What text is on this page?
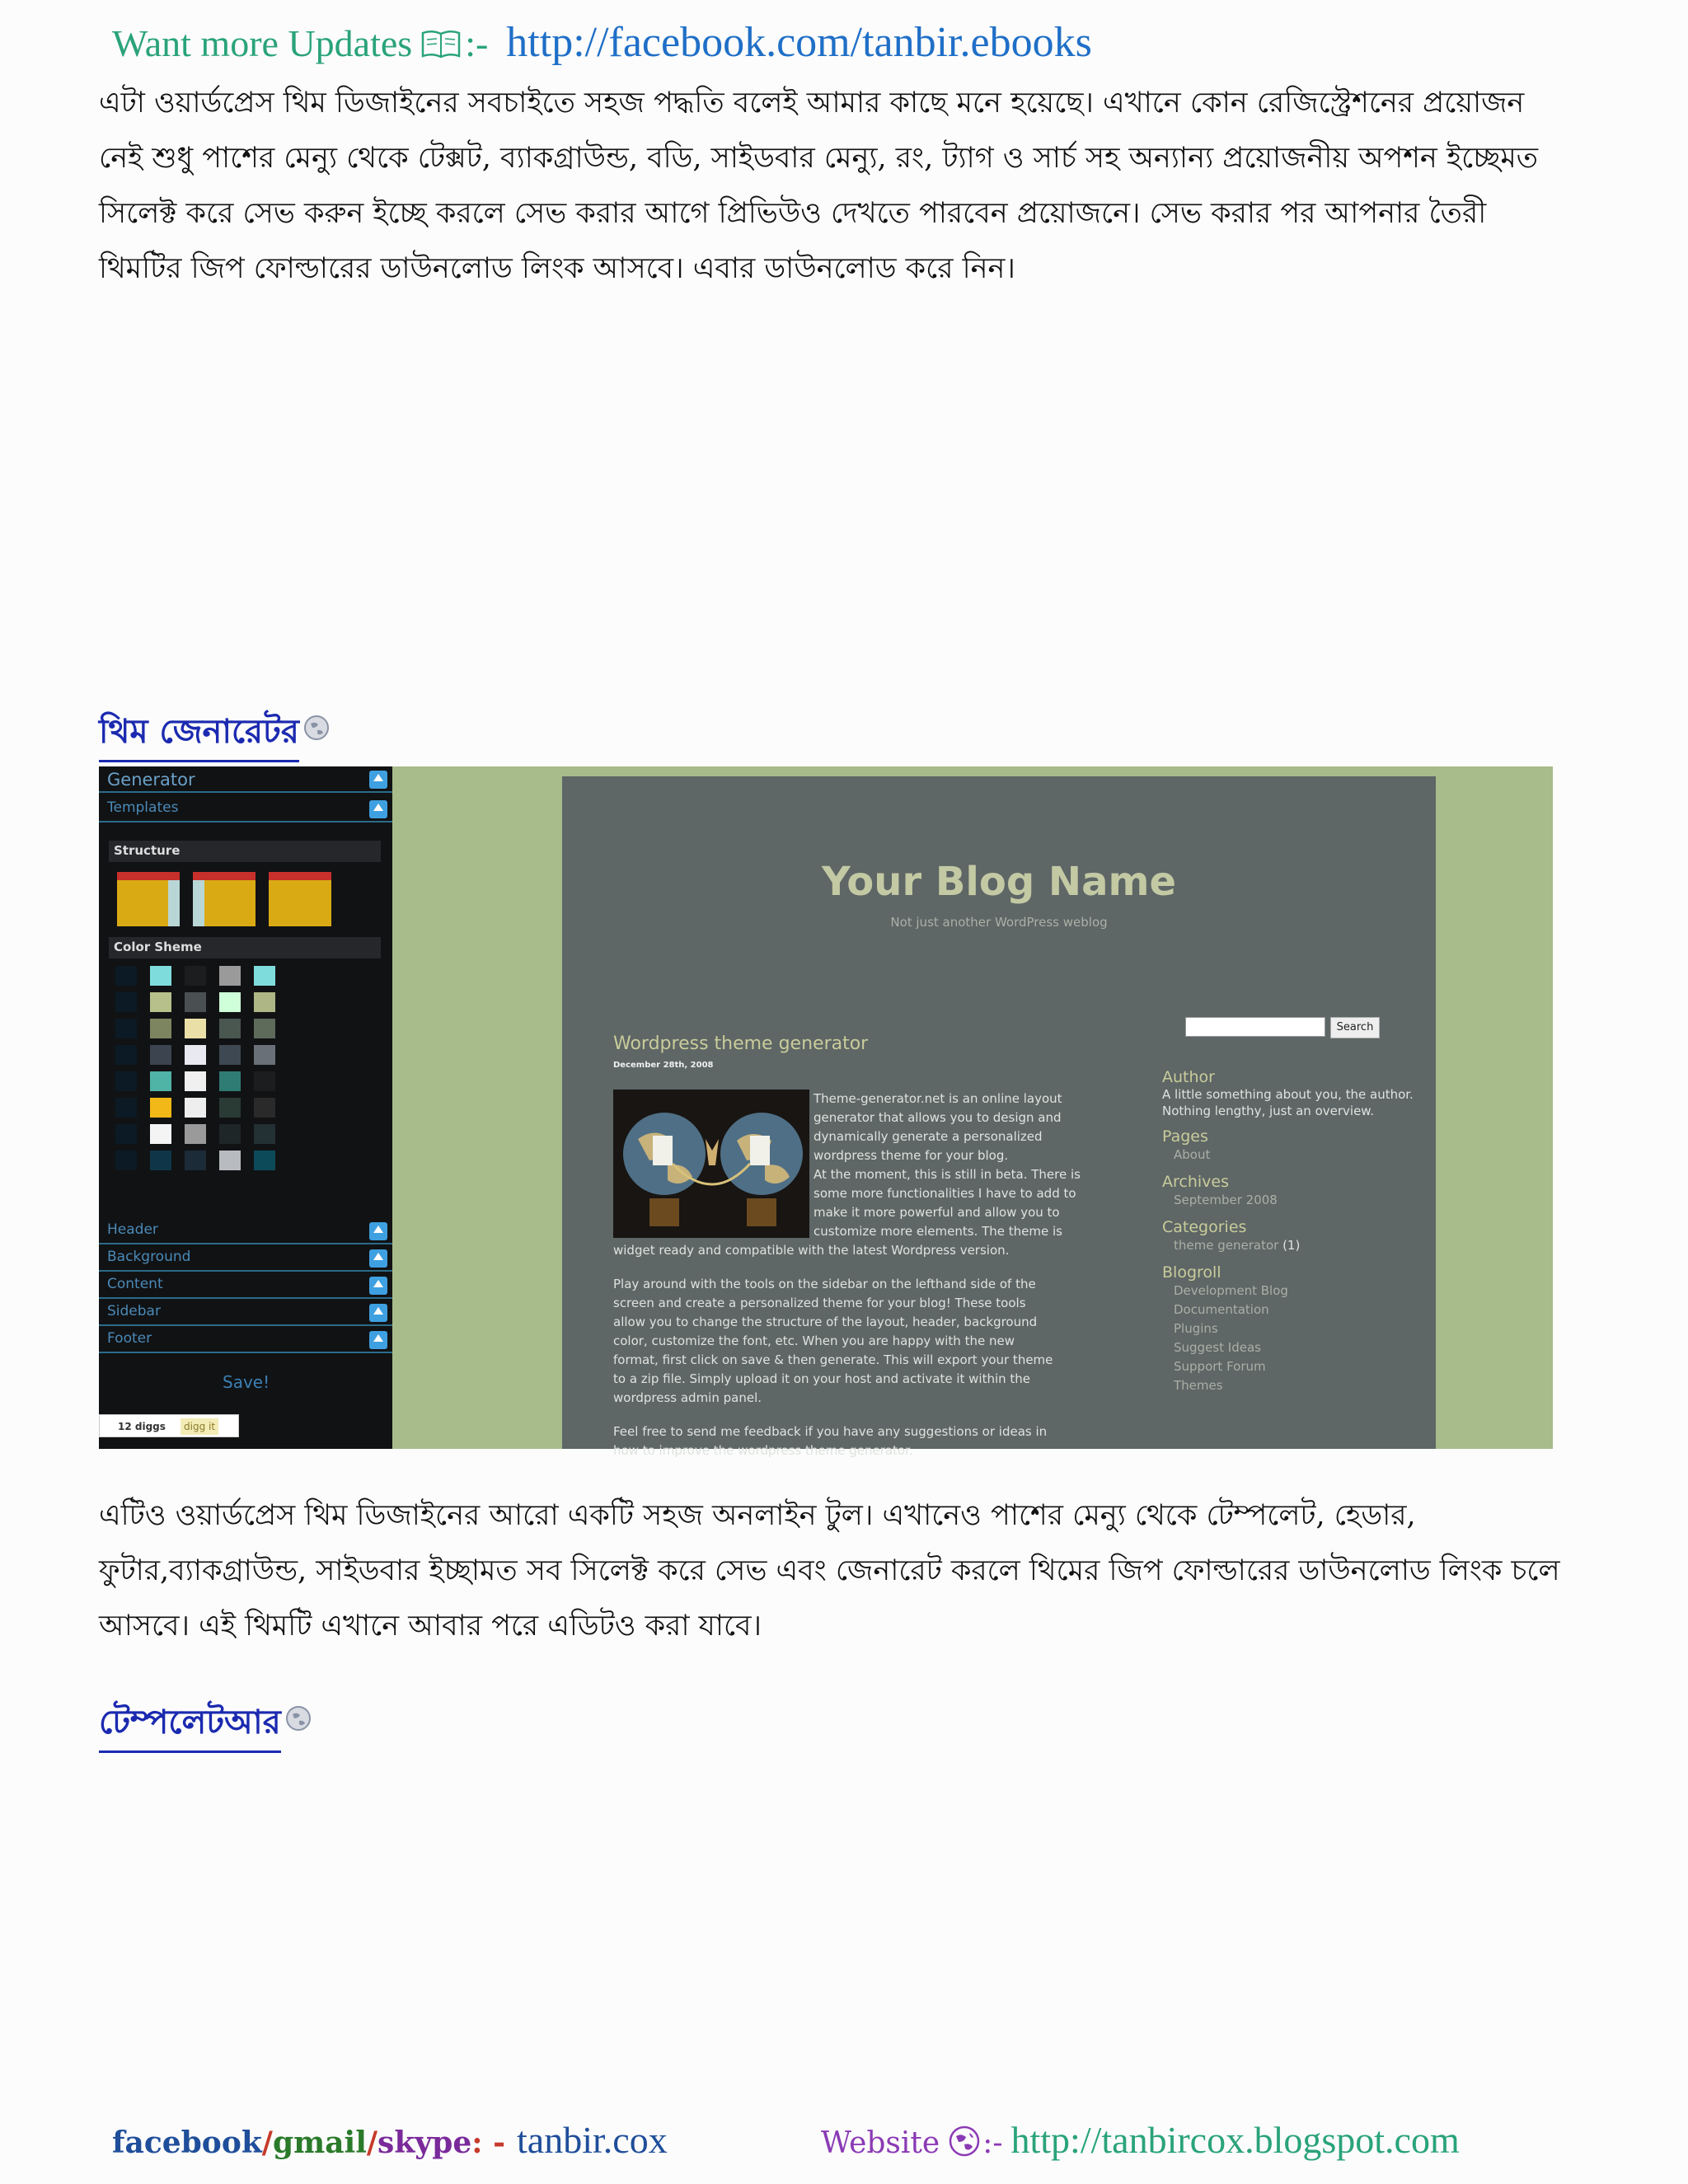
Want more Updates :- http://facebook.com/tanbir.ebooks
এটা ওয়ার্ডপ্রেস থিম ডিজাইনের সবচাইতে সহজ পদ্ধতি বলেই আমার কাছে মনে হয়েছে। এখানে কোন রেজিস্ট্রেশনের প্রয়োজন
নেই শুধু পাশের মেন্যু থেকে টেক্সট, ব্যাকগ্রাউন্ড, বডি, সাইডবার মেন্যু, রং, ট্যাগ ও সার্চ সহ অন্যান্য প্রয়োজনীয় অপশন ইচ্ছেমত
সিলেক্ট করে সেভ করুন ইচ্ছে করলে সেভ করার আগে প্রিভিউও দেখতে পারবেন প্রয়োজনে। সেভ করার পর আপনার তৈরী
থিমটির জিপ ফোল্ডারের ডাউনলোড লিংক আসবে। এবার ডাউনলোড করে নিন।
থিম জেনারেটর
Generator
Templates
Structure
Color Sheme
Header
Background
Content
Sidebar
Footer
Save!
12 diggs	digg it
Your Blog Name
Not just another WordPress weblog
Search
Wordpress theme generator
December 28th, 2008
Theme-generator.net is an online layout
generator that allows you to design and
dynamically generate a personalized
wordpress theme for your blog.
At the moment, this is still in beta. There is
some more functionalities I have to add to
make it more powerful and allow you to
customize more elements. The theme is
widget ready and compatible with the latest Wordpress version.
Play around with the tools on the sidebar on the lefthand side of the
screen and create a personalized theme for your blog! These tools
allow you to change the structure of the layout, header, background
color, customize the font, etc. When you are happy with the new
format, first click on save & then generate. This will export your theme
to a zip file. Simply upload it on your host and activate it within the
wordpress admin panel.
Feel free to send me feedback if you have any suggestions or ideas in
how to improve the wordpress theme generator.
Author
A little something about you, the author. Nothing lengthy, just an overview.
Pages
About
Archives
September 2008
Categories
theme generator (1)
Blogroll
Development Blog
Documentation
Plugins
Suggest Ideas
Support Forum
Themes
এটিও ওয়ার্ডপ্রেস থিম ডিজাইনের আরো একটি সহজ অনলাইন টুল। এখানেও পাশের মেন্যু থেকে টেম্পলেট, হেডার,
ফুটার,ব্যাকগ্রাউন্ড, সাইডবার ইচ্ছামত সব সিলেক্ট করে সেভ এবং জেনারেট করলে থিমের জিপ ফোল্ডারের ডাউনলোড লিংক চলে
আসবে। এই থিমটি এখানে আবার পরে এডিটও করা যাবে।
টেম্পলেটআর
facebook / gmail / skype : - tanbir.cox	Website :- http://tanbircox.blogspot.com
